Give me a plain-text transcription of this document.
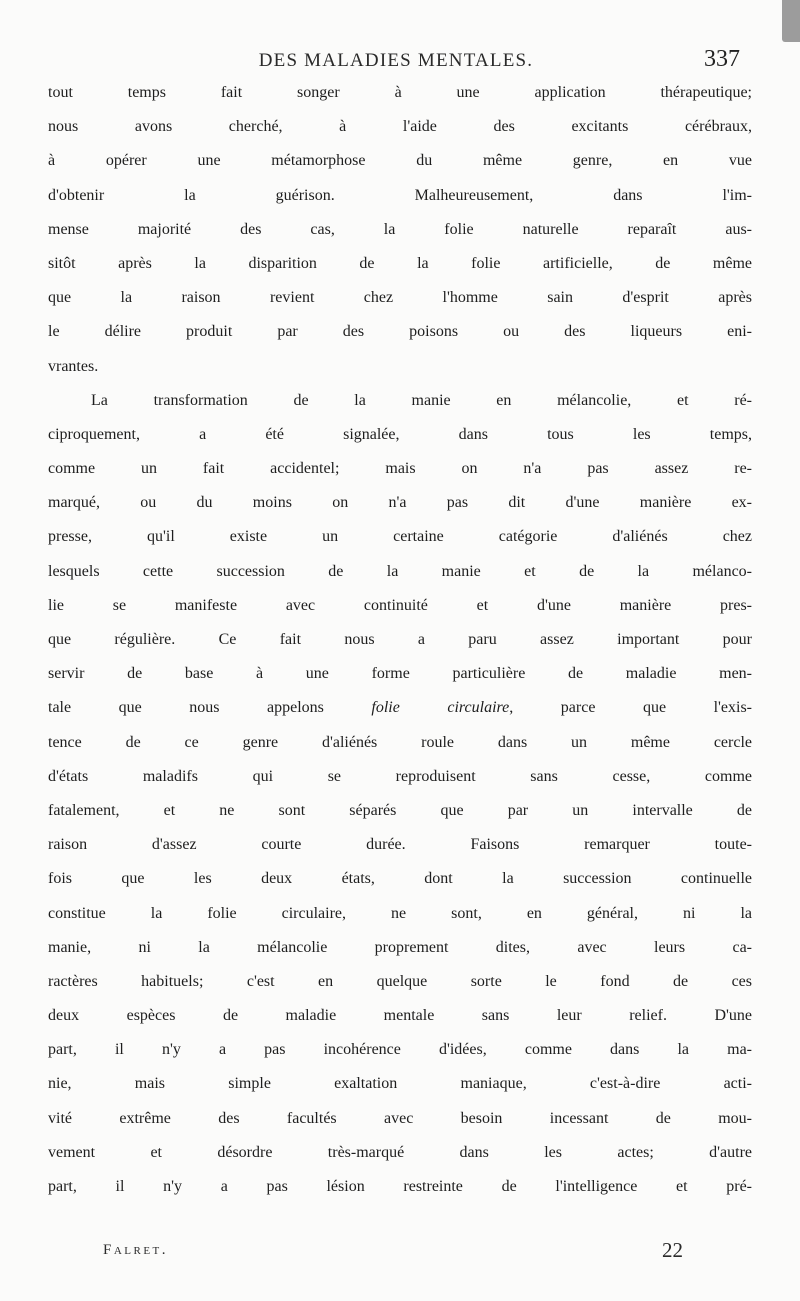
DES MALADIES MENTALES.	337
tout temps fait songer à une application thérapeutique;
nous avons cherché, à l'aide des excitants cérébraux,
à opérer une métamorphose du même genre, en vue
d'obtenir la guérison. Malheureusement, dans l'im-
mense majorité des cas, la folie naturelle reparaît aus-
sitôt après la disparition de la folie artificielle, de même
que la raison revient chez l'homme sain d'esprit après
le délire produit par des poisons ou des liqueurs eni-
vrantes.
La transformation de la manie en mélancolie, et ré-
ciproquement, a été signalée, dans tous les temps,
comme un fait accidentel; mais on n'a pas assez re-
marqué, ou du moins on n'a pas dit d'une manière ex-
presse, qu'il existe un certaine catégorie d'aliénés chez
lesquels cette succession de la manie et de la mélanco-
lie se manifeste avec continuité et d'une manière pres-
que régulière. Ce fait nous a paru assez important pour
servir de base à une forme particulière de maladie men-
tale que nous appelons folie circulaire, parce que l'exis-
tence de ce genre d'aliénés roule dans un même cercle
d'états maladifs qui se reproduisent sans cesse, comme
fatalement, et ne sont séparés que par un intervalle de
raison d'assez courte durée. Faisons remarquer toute-
fois que les deux états, dont la succession continuelle
constitue la folie circulaire, ne sont, en général, ni la
manie, ni la mélancolie proprement dites, avec leurs ca-
ractères habituels; c'est en quelque sorte le fond de ces
deux espèces de maladie mentale sans leur relief. D'une
part, il n'y a pas incohérence d'idées, comme dans la ma-
nie, mais simple exaltation maniaque, c'est-à-dire acti-
vité extrême des facultés avec besoin incessant de mou-
vement et désordre très-marqué dans les actes; d'autre
part, il n'y a pas lésion restreinte de l'intelligence et pré-
Falret.	22
